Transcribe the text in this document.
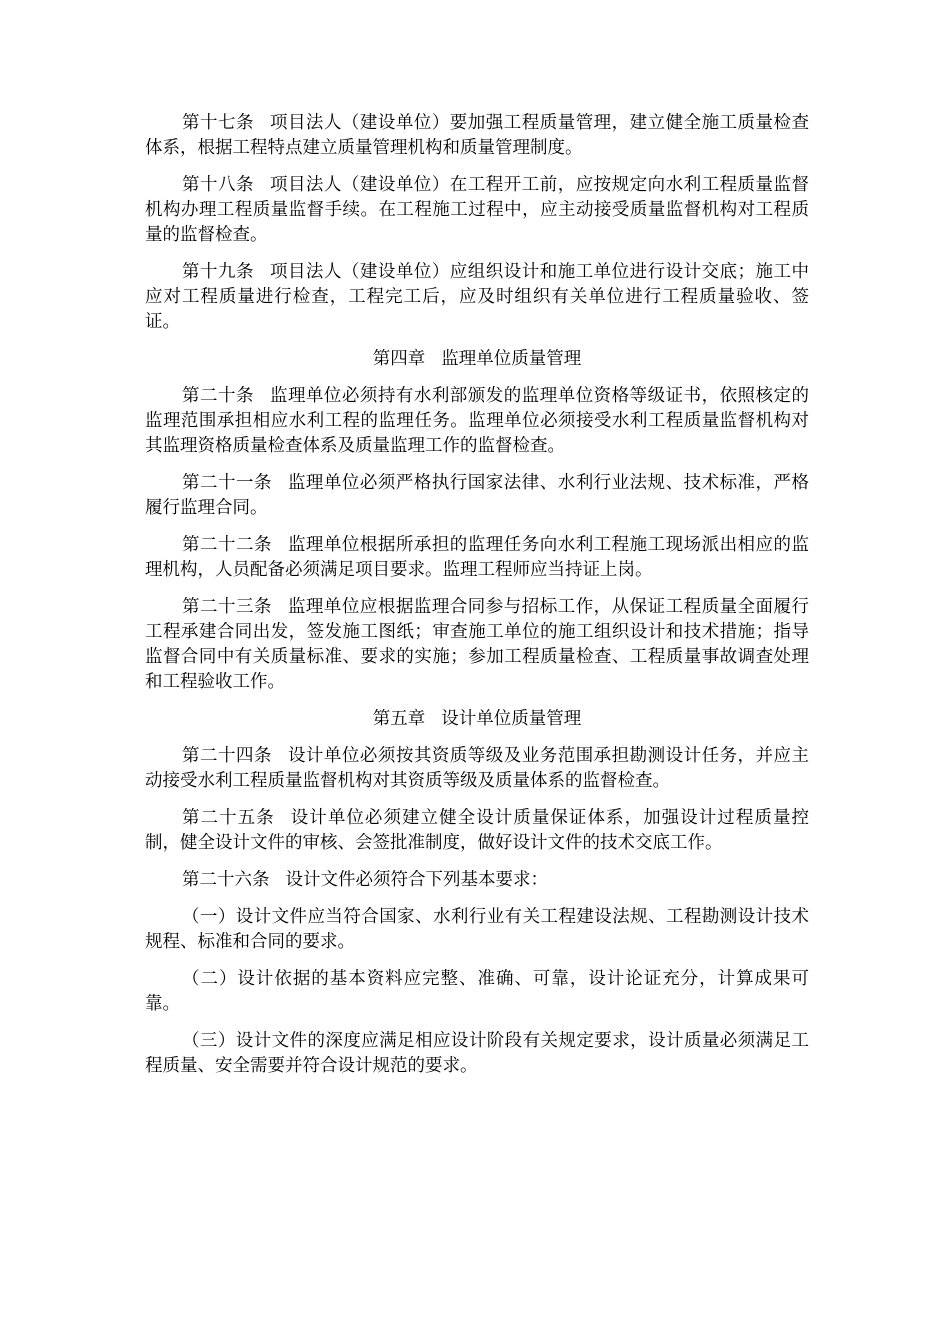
第十七条 项目法人（建设单位）要加强工程质量管理，建立健全施工质量检查体系，根据工程特点建立质量管理机构和质量管理制度。

第十八条 项目法人（建设单位）在工程开工前，应按规定向水利工程质量监督机构办理工程质量监督手续。在工程施工过程中，应主动接受质量监督机构对工程质量的监督检查。

第十九条 项目法人（建设单位）应组织设计和施工单位进行设计交底；施工中应对工程质量进行检查，工程完工后，应及时组织有关单位进行工程质量验收、签证。

第四章 监理单位质量管理

第二十条 监理单位必须持有水利部颁发的监理单位资格等级证书，依照核定的监理范围承担相应水利工程的监理任务。监理单位必须接受水利工程质量监督机构对其监理资格质量检查体系及质量监理工作的监督检查。

第二十一条 监理单位必须严格执行国家法律、水利行业法规、技术标准，严格履行监理合同。

第二十二条 监理单位根据所承担的监理任务向水利工程施工现场派出相应的监理机构，人员配备必须满足项目要求。监理工程师应当持证上岗。

第二十三条 监理单位应根据监理合同参与招标工作，从保证工程质量全面履行工程承建合同出发，签发施工图纸；审查施工单位的施工组织设计和技术措施；指导监督合同中有关质量标准、要求的实施；参加工程质量检查、工程质量事故调查处理和工程验收工作。

第五章 设计单位质量管理

第二十四条 设计单位必须按其资质等级及业务范围承担勘测设计任务，并应主动接受水利工程质量监督机构对其资质等级及质量体系的监督检查。

第二十五条 设计单位必须建立健全设计质量保证体系，加强设计过程质量控制，健全设计文件的审核、会签批准制度，做好设计文件的技术交底工作。

第二十六条 设计文件必须符合下列基本要求：

（一）设计文件应当符合国家、水利行业有关工程建设法规、工程勘测设计技术规程、标准和合同的要求。

（二）设计依据的基本资料应完整、准确、可靠，设计论证充分，计算成果可靠。

（三）设计文件的深度应满足相应设计阶段有关规定要求，设计质量必须满足工程质量、安全需要并符合设计规范的要求。
